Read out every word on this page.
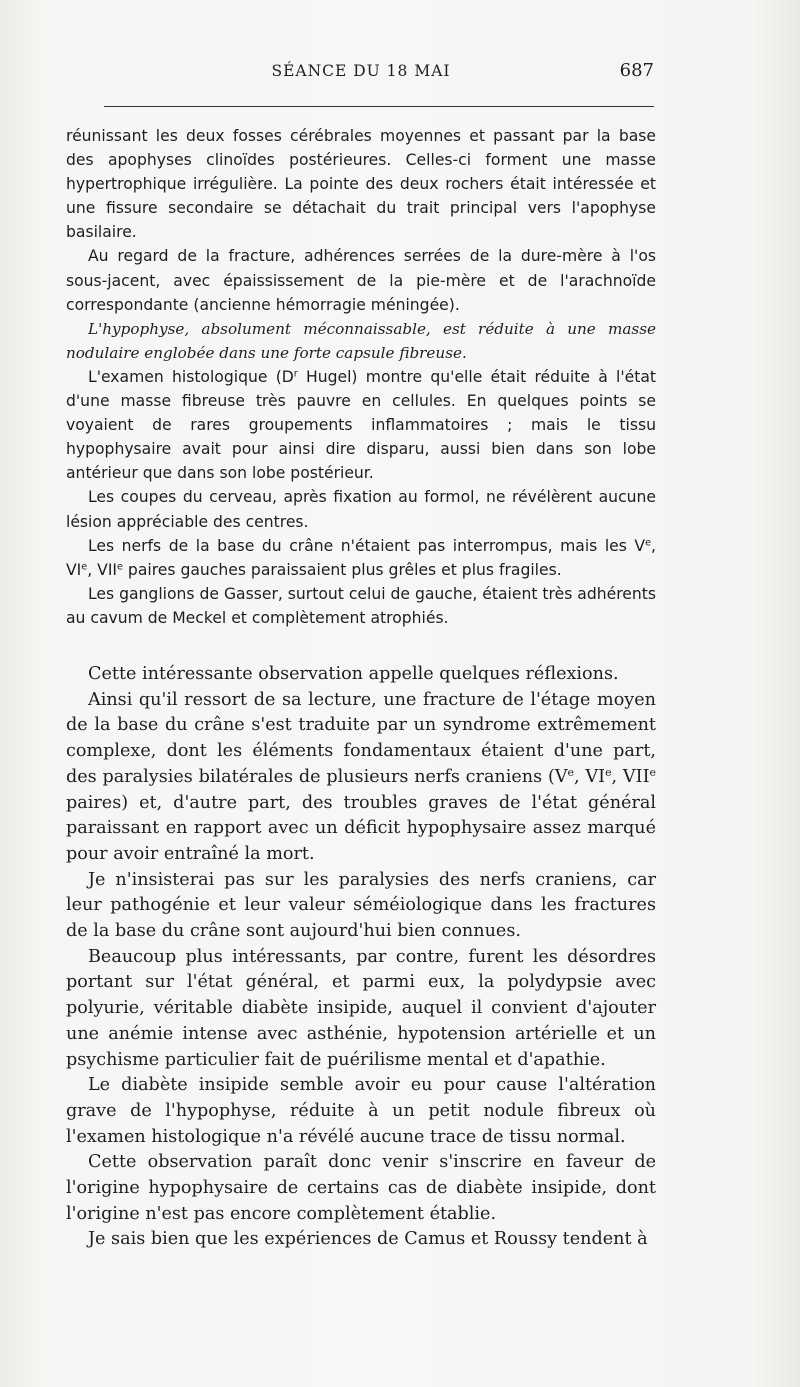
SÉANCE DU 18 MAI	687

réunissant les deux fosses cérébrales moyennes et passant par la base des apophyses clinoïdes postérieures. Celles-ci forment une masse hypertrophique irrégulière. La pointe des deux rochers était intéressée et une fissure secondaire se détachait du trait principal vers l'apophyse basilaire.

Au regard de la fracture, adhérences serrées de la dure-mère à l'os sous-jacent, avec épaississement de la pie-mère et de l'arachnoïde correspondante (ancienne hémorragie méningée).

L'hypophyse, absolument méconnaissable, est réduite à une masse nodulaire englobée dans une forte capsule fibreuse.

L'examen histologique ($D^r$ Hugel) montre qu'elle était réduite à l'état d'une masse fibreuse très pauvre en cellules. En quelques points se voyaient de rares groupements inflammatoires ; mais le tissu hypophysaire avait pour ainsi dire disparu, aussi bien dans son lobe antérieur que dans son lobe postérieur.

Les coupes du cerveau, après fixation au formol, ne révélèrent aucune lésion appréciable des centres.

Les nerfs de la base du crâne n'étaient pas interrompus, mais les Ve, VIe, VIIe paires gauches paraissaient plus grêles et plus fragiles.

Les ganglions de Gasser, surtout celui de gauche, étaient très adhérents au cavum de Meckel et complètement atrophiés.

Cette intéressante observation appelle quelques réflexions.

Ainsi qu'il ressort de sa lecture, une fracture de l'étage moyen de la base du crâne s'est traduite par un syndrome extrêmement complexe, dont les éléments fondamentaux étaient d'une part, des paralysies bilatérales de plusieurs nerfs craniens (Ve, VIe, VIIe paires) et, d'autre part, des troubles graves de l'état général paraissant en rapport avec un déficit hypophysaire assez marqué pour avoir entraîné la mort.

Je n'insisterai pas sur les paralysies des nerfs craniens, car leur pathogénie et leur valeur séméiologique dans les fractures de la base du crâne sont aujourd'hui bien connues.

Beaucoup plus intéressants, par contre, furent les désordres portant sur l'état général, et parmi eux, la polydypsie avec polyurie, véritable diabète insipide, auquel il convient d'ajouter une anémie intense avec asthénie, hypotension artérielle et un psychisme particulier fait de puérilisme mental et d'apathie.

Le diabète insipide semble avoir eu pour cause l'altération grave de l'hypophyse, réduite à un petit nodule fibreux où l'examen histologique n'a révélé aucune trace de tissu normal.

Cette observation paraît donc venir s'inscrire en faveur de l'origine hypophysaire de certains cas de diabète insipide, dont l'origine n'est pas encore complètement établie.

Je sais bien que les expériences de Camus et Roussy tendent à
